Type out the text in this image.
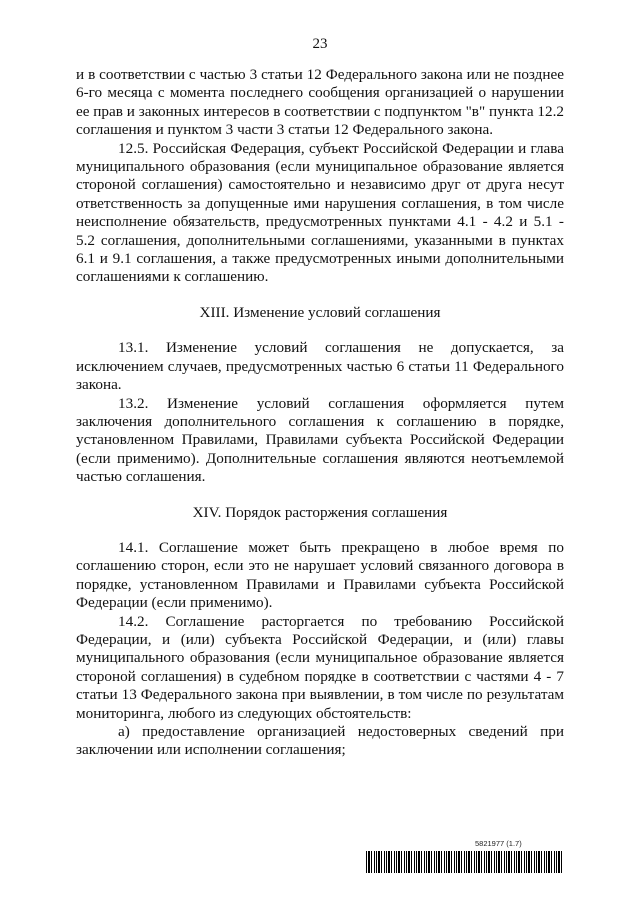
23

и в соответствии с частью 3 статьи 12 Федерального закона или не позднее 6-го месяца с момента последнего сообщения организацией о нарушении ее прав и законных интересов в соответствии с подпунктом "в" пункта 12.2 соглашения и пунктом 3 части 3 статьи 12 Федерального закона.

12.5. Российская Федерация, субъект Российской Федерации и глава муниципального образования (если муниципальное образование является стороной соглашения) самостоятельно и независимо друг от друга несут ответственность за допущенные ими нарушения соглашения, в том числе неисполнение обязательств, предусмотренных пунктами 4.1 - 4.2 и 5.1 - 5.2 соглашения, дополнительными соглашениями, указанными в пунктах 6.1 и 9.1 соглашения, а также предусмотренных иными дополнительными соглашениями к соглашению.

XIII. Изменение условий соглашения

13.1. Изменение условий соглашения не допускается, за исключением случаев, предусмотренных частью 6 статьи 11 Федерального закона.

13.2. Изменение условий соглашения оформляется путем заключения дополнительного соглашения к соглашению в порядке, установленном Правилами, Правилами субъекта Российской Федерации (если применимо). Дополнительные соглашения являются неотъемлемой частью соглашения.

XIV. Порядок расторжения соглашения

14.1. Соглашение может быть прекращено в любое время по соглашению сторон, если это не нарушает условий связанного договора в порядке, установленном Правилами и Правилами субъекта Российской Федерации (если применимо).

14.2. Соглашение расторгается по требованию Российской Федерации, и (или) субъекта Российской Федерации, и (или) главы муниципального образования (если муниципальное образование является стороной соглашения) в судебном порядке в соответствии с частями 4 - 7 статьи 13 Федерального закона при выявлении, в том числе по результатам мониторинга, любого из следующих обстоятельств:

а) предоставление организацией недостоверных сведений при заключении или исполнении соглашения;

5821977 (1.7)
